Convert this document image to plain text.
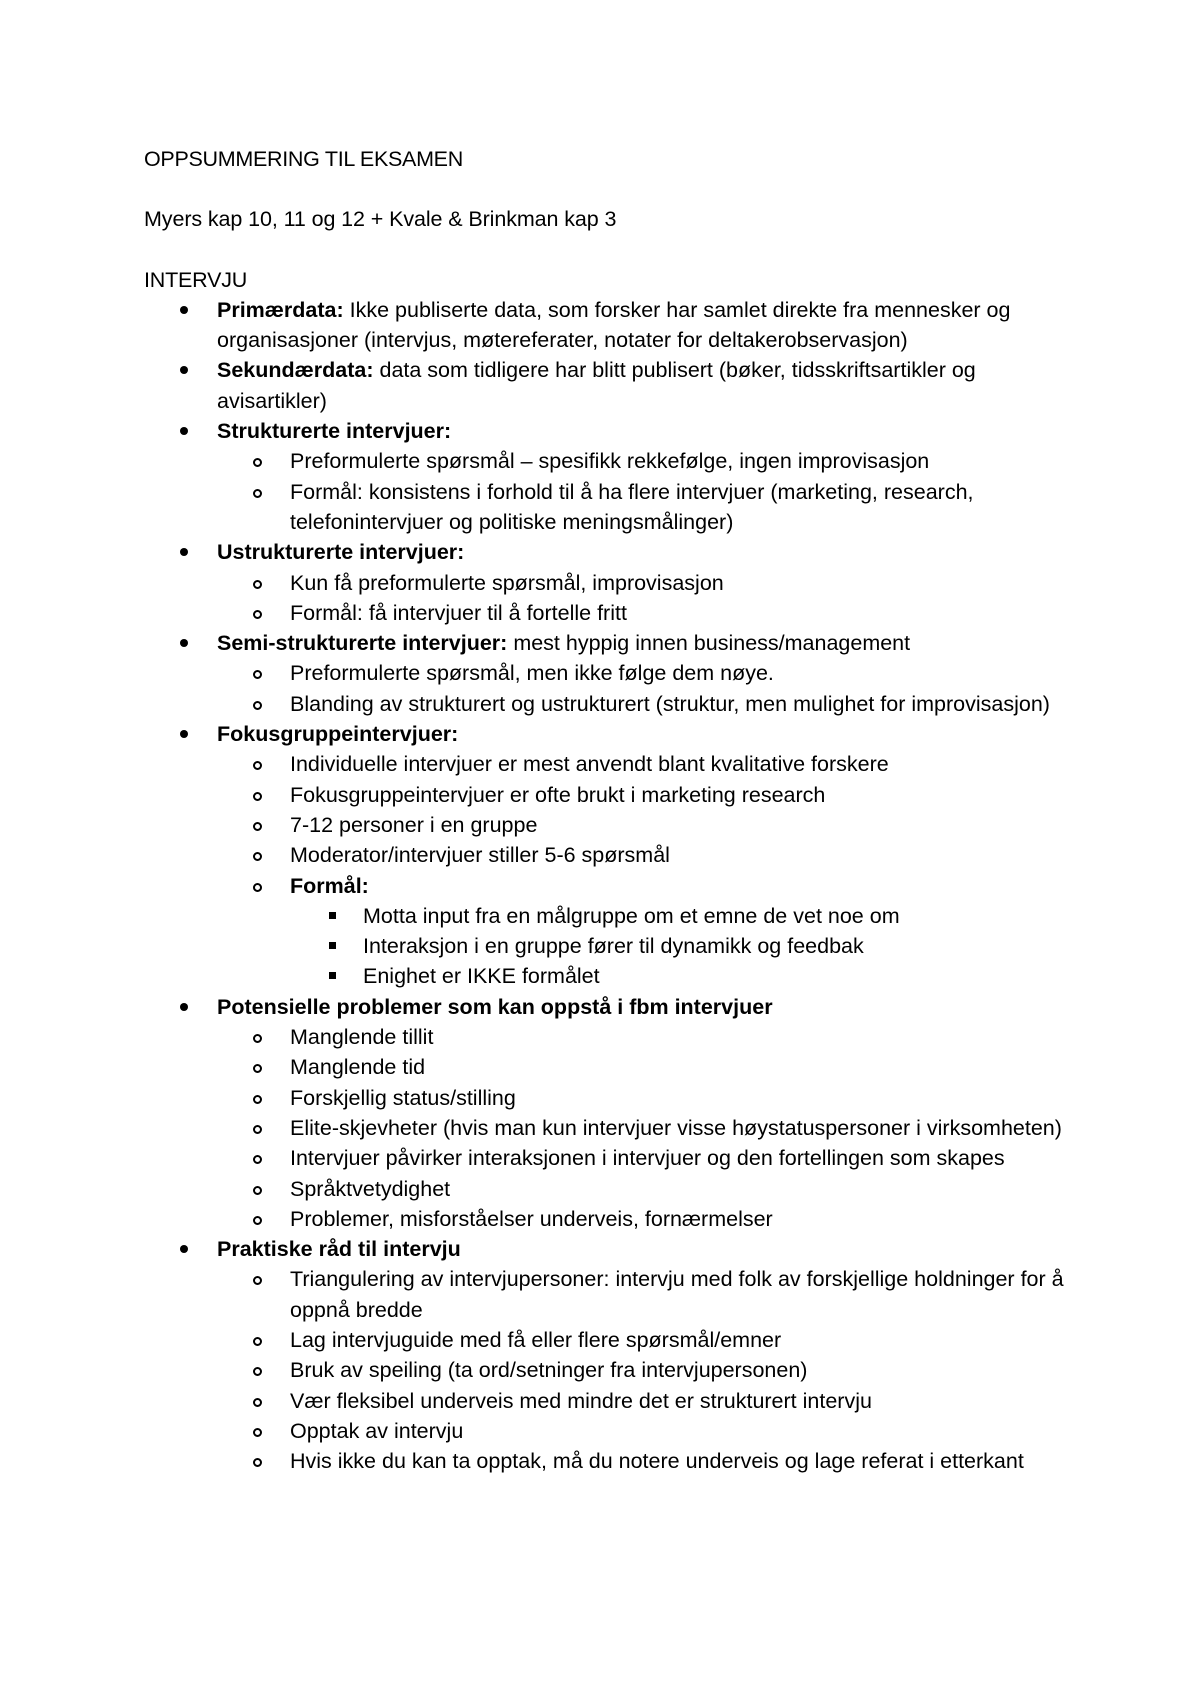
OPPSUMMERING TIL EKSAMEN

Myers kap 10, 11 og 12 + Kvale & Brinkman kap 3

INTERVJU

Primærdata: Ikke publiserte data, som forsker har samlet direkte fra mennesker og organisasjoner (intervjus, møtereferater, notater for deltakerobservasjon)
Sekundærdata: data som tidligere har blitt publisert (bøker, tidsskriftsartikler og avisartikler)
Strukturerte intervjuer:
Preformulerte spørsmål – spesifikk rekkefølge, ingen improvisasjon
Formål: konsistens i forhold til å ha flere intervjuer (marketing, research, telefonintervjuer og politiske meningsmålinger)
Ustrukturerte intervjuer:
Kun få preformulerte spørsmål, improvisasjon
Formål: få intervjuer til å fortelle fritt
Semi-strukturerte intervjuer: mest hyppig innen business/management
Preformulerte spørsmål, men ikke følge dem nøye.
Blanding av strukturert og ustrukturert (struktur, men mulighet for improvisasjon)
Fokusgruppeintervjuer:
Individuelle intervjuer er mest anvendt blant kvalitative forskere
Fokusgruppeintervjuer er ofte brukt i marketing research
7-12 personer i en gruppe
Moderator/intervjuer stiller 5-6 spørsmål
Formål:
Motta input fra en målgruppe om et emne de vet noe om
Interaksjon i en gruppe fører til dynamikk og feedbak
Enighet er IKKE formålet
Potensielle problemer som kan oppstå i fbm intervjuer
Manglende tillit
Manglende tid
Forskjellig status/stilling
Elite-skjevheter (hvis man kun intervjuer visse høystatuspersoner i virksomheten)
Intervjuer påvirker interaksjonen i intervjuer og den fortellingen som skapes
Språktvetydighet
Problemer, misforståelser underveis, fornærmelser
Praktiske råd til intervju
Triangulering av intervjupersoner: intervju med folk av forskjellige holdninger for å oppnå bredde
Lag intervjuguide med få eller flere spørsmål/emner
Bruk av speiling (ta ord/setninger fra intervjupersonen)
Vær fleksibel underveis med mindre det er strukturert intervju
Opptak av intervju
Hvis ikke du kan ta opptak, må du notere underveis og lage referat i etterkant
